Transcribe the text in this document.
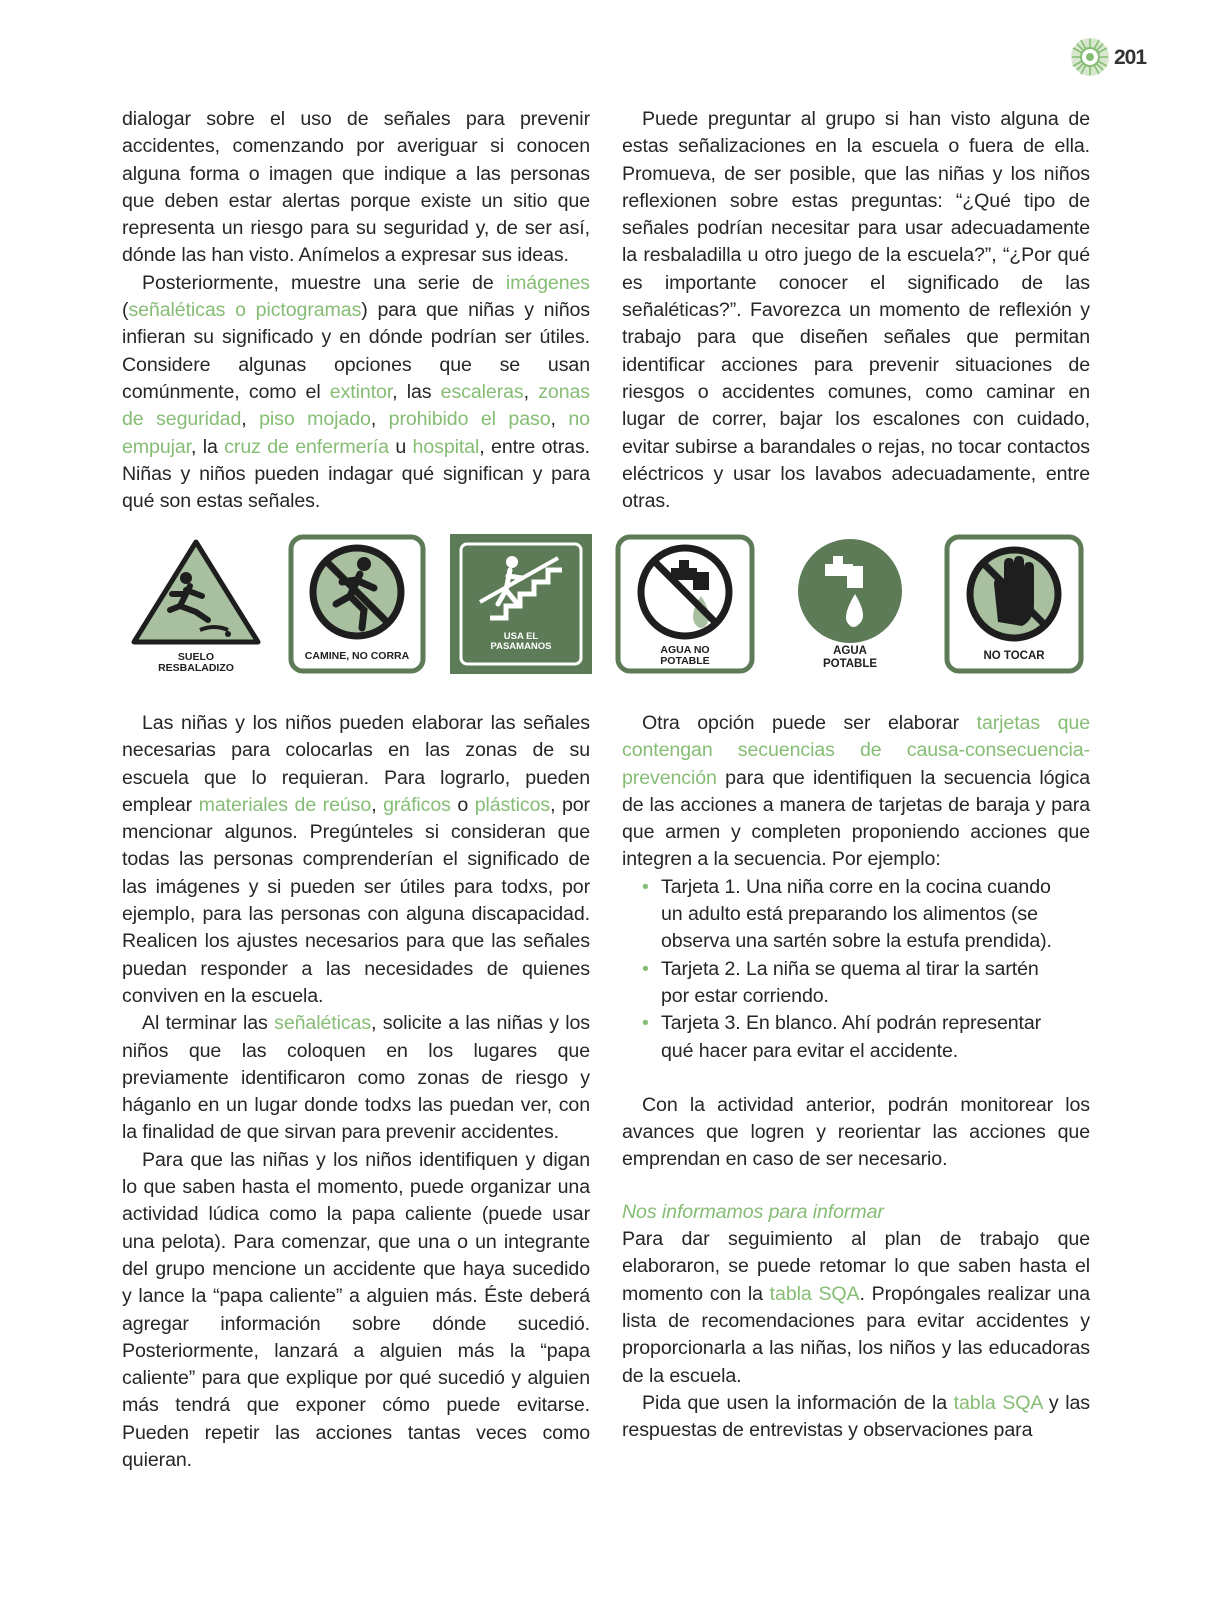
201

dialogar sobre el uso de señales para prevenir accidentes, comenzando por averiguar si conocen alguna forma o imagen que indique a las personas que deben estar alertas porque existe un sitio que representa un riesgo para su seguridad y, de ser así, dónde las han visto. Anímelos a expresar sus ideas.

Posteriormente, muestre una serie de imágenes (señaléticas o pictogramas) para que niñas y niños infieran su significado y en dónde podrían ser útiles. Considere algunas opciones que se usan comúnmente, como el extintor, las escaleras, zonas de seguridad, piso mojado, prohibido el paso, no empujar, la cruz de enfermería u hospital, entre otras. Niñas y niños pueden indagar qué significan y para qué son estas señales.

Puede preguntar al grupo si han visto alguna de estas señalizaciones en la escuela o fuera de ella. Promueva, de ser posible, que las niñas y los niños reflexionen sobre estas preguntas: “¿Qué tipo de señales podrían necesitar para usar adecuadamente la resbaladilla u otro juego de la escuela?”, “¿Por qué es importante conocer el significado de las señaléticas?”. Favorezca un momento de reflexión y trabajo para que diseñen señales que permitan identificar acciones para prevenir situaciones de riesgos o accidentes comunes, como caminar en lugar de correr, bajar los escalones con cuidado, evitar subirse a barandales o rejas, no tocar contactos eléctricos y usar los lavabos adecuadamente, entre otras.

SUELO
RESBALADIZO
CAMINE, NO CORRA
USA EL
PASAMANOS	AGUA NO
POTABLE
AGUA
POTABLE
NO TOCAR

Las niñas y los niños pueden elaborar las señales necesarias para colocarlas en las zonas de su escuela que lo requieran. Para lograrlo, pueden emplear materiales de reúso, gráficos o plásticos, por mencionar algunos. Pregúnteles si consideran que todas las personas comprenderían el significado de las imágenes y si pueden ser útiles para todxs, por ejemplo, para las personas con alguna discapacidad. Realicen los ajustes necesarios para que las señales puedan responder a las necesidades de quienes conviven en la escuela.

Al terminar las señaléticas, solicite a las niñas y los niños que las coloquen en los lugares que previamente identificaron como zonas de riesgo y háganlo en un lugar donde todxs las puedan ver, con la finalidad de que sirvan para prevenir accidentes.

Para que las niñas y los niños identifiquen y digan lo que saben hasta el momento, puede organizar una actividad lúdica como la papa caliente (puede usar una pelota). Para comenzar, que una o un integrante del grupo mencione un accidente que haya sucedido y lance la “papa caliente” a alguien más. Éste deberá agregar información sobre dónde sucedió. Posteriormente, lanzará a alguien más la “papa caliente” para que explique por qué sucedió y alguien más tendrá que exponer cómo puede evitarse. Pueden repetir las acciones tantas veces como quieran.

Otra opción puede ser elaborar tarjetas que contengan secuencias de causa-consecuencia-prevención para que identifiquen la secuencia lógica de las acciones a manera de tarjetas de baraja y para que armen y completen proponiendo acciones que integren a la secuencia. Por ejemplo:

• Tarjeta 1. Una niña corre en la cocina cuando un adulto está preparando los alimentos (se observa una sartén sobre la estufa prendida).
• Tarjeta 2. La niña se quema al tirar la sartén por estar corriendo.
• Tarjeta 3. En blanco. Ahí podrán representar qué hacer para evitar el accidente.

Con la actividad anterior, podrán monitorear los avances que logren y reorientar las acciones que emprendan en caso de ser necesario.

Nos informamos para informar

Para dar seguimiento al plan de trabajo que elaboraron, se puede retomar lo que saben hasta el momento con la tabla SQA. Propóngales realizar una lista de recomendaciones para evitar accidentes y proporcionarla a las niñas, los niños y las educadoras de la escuela.

Pida que usen la información de la tabla SQA y las respuestas de entrevistas y observaciones para
